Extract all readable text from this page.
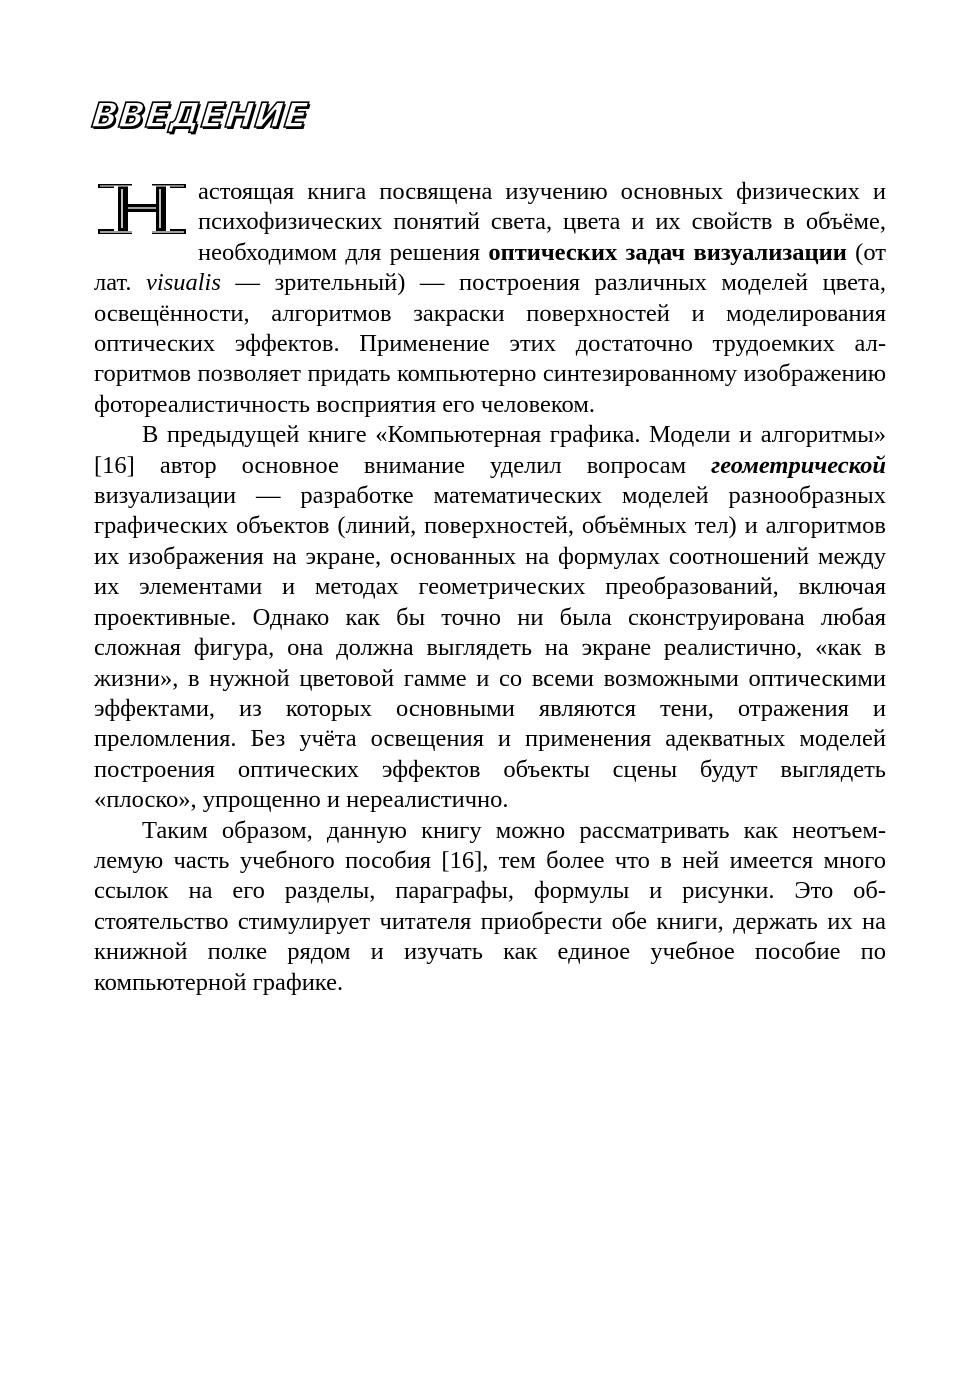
ВВЕДЕНИЕ

астоящая книга посвящена изучению основных физических и психофизических понятий света, цвета и их свойств в объёме, необходимом для решения оптических задач визуализации (от лат. visualis — зрительный) — построения различных моделей цвета, освещённости, алгоритмов закраски поверхностей и моделирования оптических эффектов. Применение этих достаточно трудоемких алгоритмов позволяет придать компьютерно синтезированному изображению фотореалистичность восприятия его человеком.

В предыдущей книге «Компьютерная графика. Модели и алгоритмы» [16] автор основное внимание уделил вопросам геометрической визуализации — разработке математических моделей разнообразных графических объектов (линий, поверхностей, объёмных тел) и алгоритмов их изображения на экране, основанных на формулах соотношений между их элементами и методах геометрических преобразований, включая проективные. Однако как бы точно ни была сконструирована любая сложная фигура, она должна выглядеть на экране реалистично, «как в жизни», в нужной цветовой гамме и со всеми возможными оптическими эффектами, из которых основными являются тени, отражения и преломления. Без учёта освещения и применения адекватных моделей построения оптических эффектов объекты сцены будут выглядеть «плоско», упрощенно и нереалистично.

Таким образом, данную книгу можно рассматривать как неотъемлемую часть учебного пособия [16], тем более что в ней имеется много ссылок на его разделы, параграфы, формулы и рисунки. Это обстоятельство стимулирует читателя приобрести обе книги, держать их на книжной полке рядом и изучать как единое учебное пособие по компьютерной графике.
